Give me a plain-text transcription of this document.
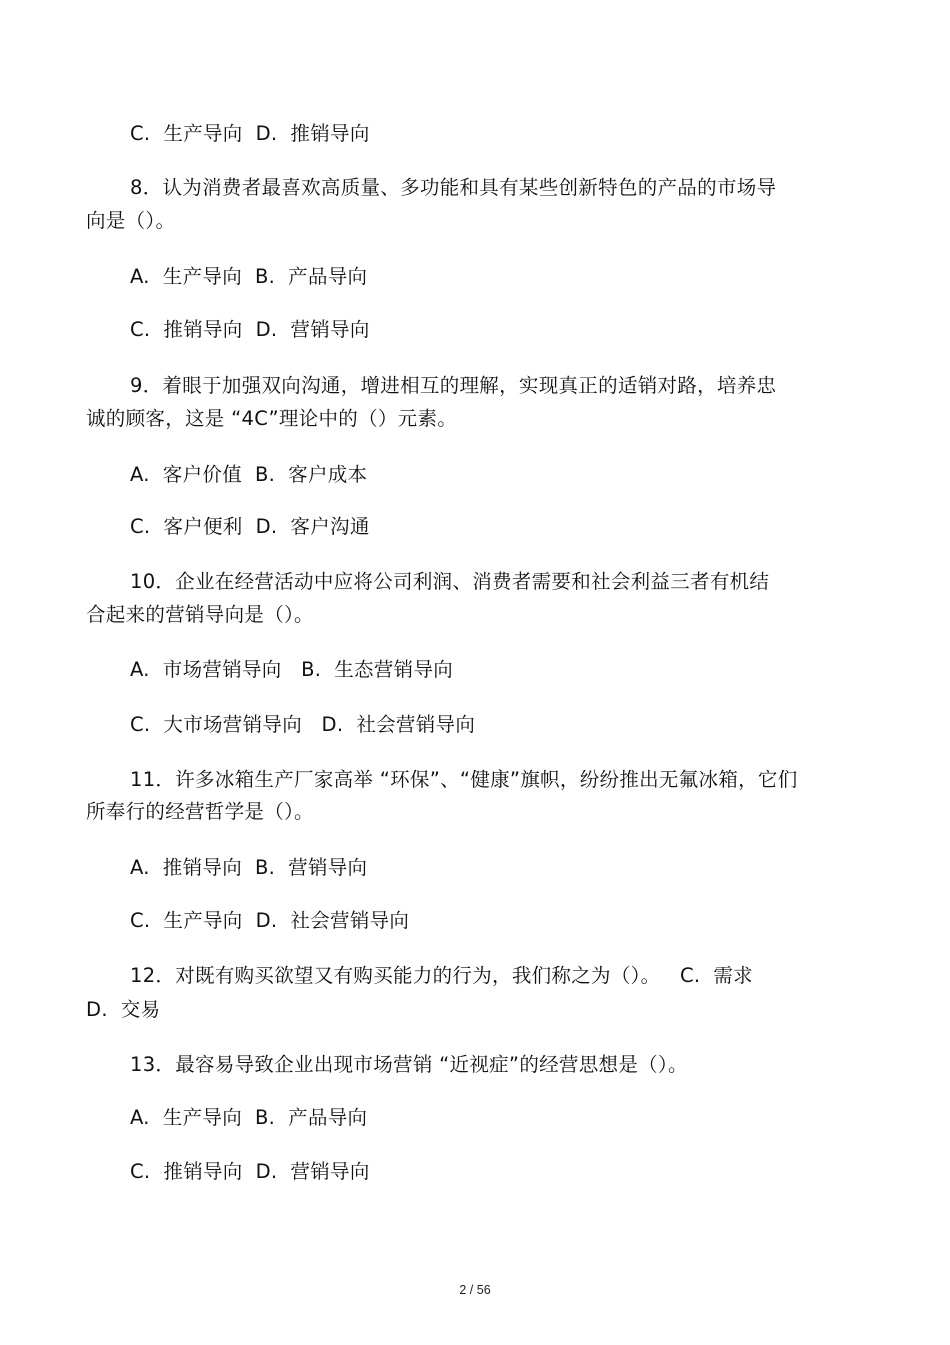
C.  生产导向  D.  推销导向

8．认为消费者最喜欢高质量、多功能和具有某些创新特色的产品的市场导

向是（）。

A.  生产导向  B.  产品导向

C.  推销导向  D.  营销导向

9．着眼于加强双向沟通，增进相互的理解，实现真正的适销对路，培养忠

诚的顾客，这是 “4C”理论中的（）元素。

A.  客户价值  B.  客户成本

C.  客户便利  D.  客户沟通

10．企业在经营活动中应将公司利润、消费者需要和社会利益三者有机结

合起来的营销导向是（）。

A.  市场营销导向   B.  生态营销导向

C.  大市场营销导向   D.  社会营销导向

11．许多冰箱生产厂家高举 “环保”、“健康”旗帜，纷纷推出无氟冰箱，它们

所奉行的经营哲学是（）。

A.  推销导向  B.  营销导向

C.  生产导向  D.  社会营销导向

12．对既有购买欲望又有购买能力的行为，我们称之为（）。   C.  需求

D.  交易

13．最容易导致企业出现市场营销 “近视症”的经营思想是（）。

A.  生产导向  B.  产品导向

C.  推销导向  D.  营销导向

2 / 56
